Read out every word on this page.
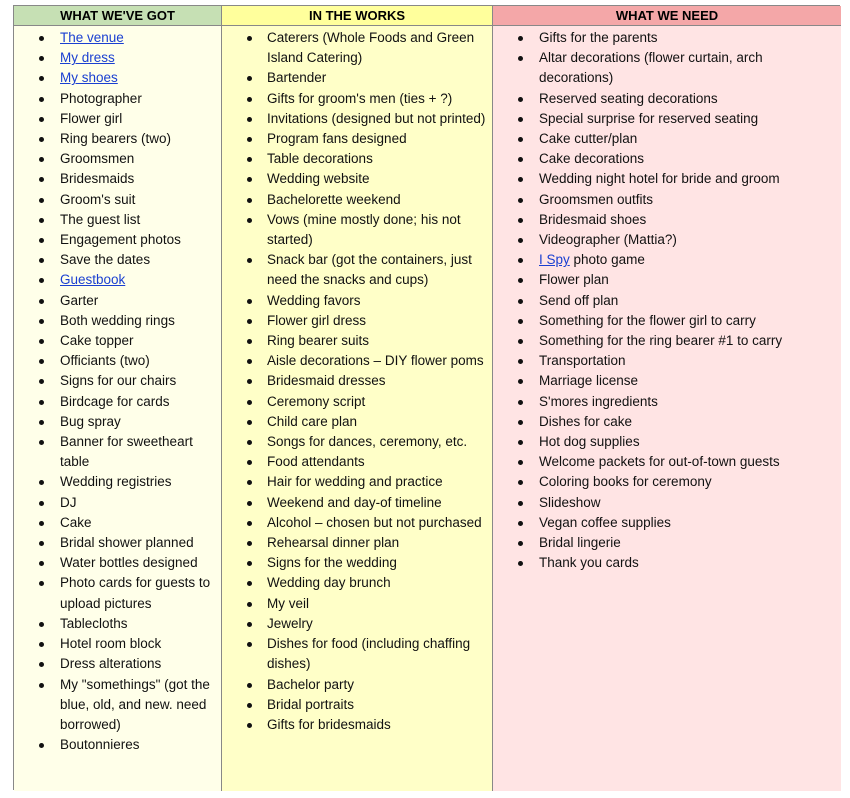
WHAT WE'VE GOT	IN THE WORKS	WHAT WE NEED
The venue
My dress
My shoes
Photographer
Flower girl
Ring bearers (two)
Groomsmen
Bridesmaids
Groom's suit
The guest list
Engagement photos
Save the dates
Guestbook
Garter
Both wedding rings
Cake topper
Officiants (two)
Signs for our chairs
Birdcage for cards
Bug spray
Banner for sweetheart table
Wedding registries
DJ
Cake
Bridal shower planned
Water bottles designed
Photo cards for guests to upload pictures
Tablecloths
Hotel room block
Dress alterations
My "somethings" (got the blue, old, and new. need borrowed)
Boutonnieres
Caterers (Whole Foods and Green Island Catering)
Bartender
Gifts for groom's men (ties + ?)
Invitations (designed but not printed)
Program fans designed
Table decorations
Wedding website
Bachelorette weekend
Vows (mine mostly done; his not started)
Snack bar (got the containers, just need the snacks and cups)
Wedding favors
Flower girl dress
Ring bearer suits
Aisle decorations – DIY flower poms
Bridesmaid dresses
Ceremony script
Child care plan
Songs for dances, ceremony, etc.
Food attendants
Hair for wedding and practice
Weekend and day-of timeline
Alcohol – chosen but not purchased
Rehearsal dinner plan
Signs for the wedding
Wedding day brunch
My veil
Jewelry
Dishes for food (including chaffing dishes)
Bachelor party
Bridal portraits
Gifts for bridesmaids
Gifts for the parents
Altar decorations (flower curtain, arch decorations)
Reserved seating decorations
Special surprise for reserved seating
Cake cutter/plan
Cake decorations
Wedding night hotel for bride and groom
Groomsmen outfits
Bridesmaid shoes
Videographer (Mattia?)
I Spy photo game
Flower plan
Send off plan
Something for the flower girl to carry
Something for the ring bearer #1 to carry
Transportation
Marriage license
S'mores ingredients
Dishes for cake
Hot dog supplies
Welcome packets for out-of-town guests
Coloring books for ceremony
Slideshow
Vegan coffee supplies
Bridal lingerie
Thank you cards
